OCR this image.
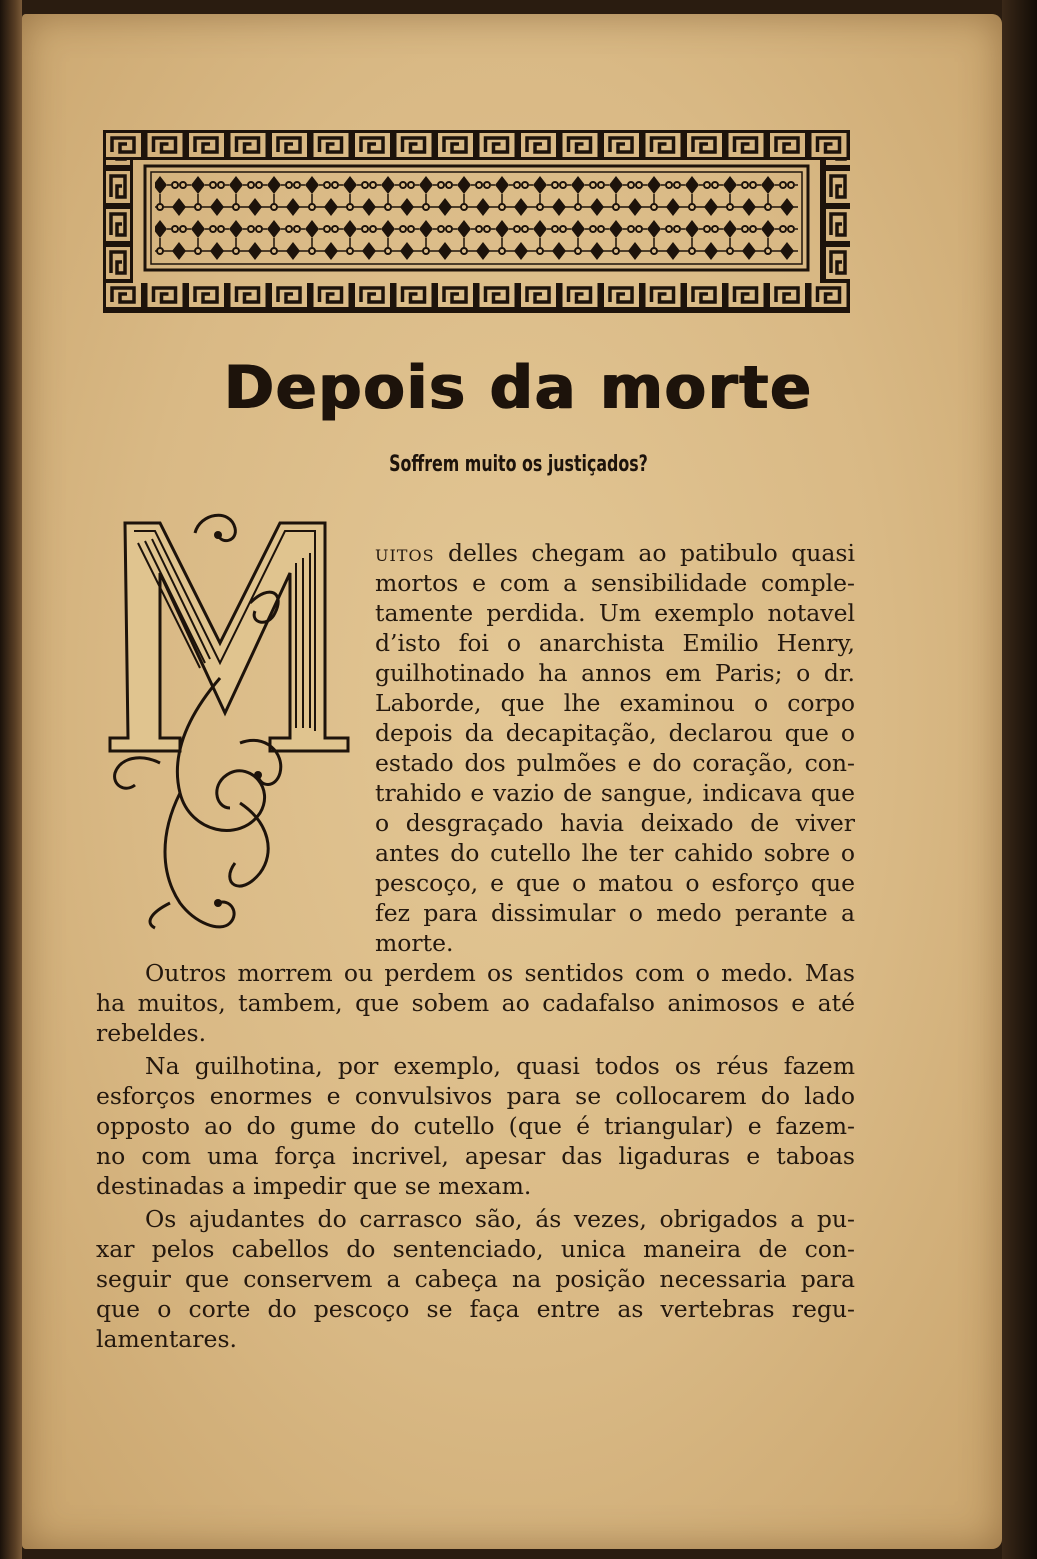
Depois da morte

Soffrem muito os justiçados?

uitos delles chegam ao patibulo quasi
mortos e com a sensibilidade comple-
tamente perdida. Um exemplo notavel
d’isto foi o anarchista Emilio Henry,
guilhotinado ha annos em Paris; o dr.
Laborde, que lhe examinou o corpo
depois da decapitação, declarou que o
estado dos pulmões e do coração, con-
trahido e vazio de sangue, indicava que
o desgraçado havia deixado de viver
antes do cutello lhe ter cahido sobre o
pescoço, e que o matou o esforço que
fez para dissimular o medo perante a
morte.
Outros morrem ou perdem os sentidos com o medo. Mas
ha muitos, tambem, que sobem ao cadafalso animosos e até
rebeldes.
Na guilhotina, por exemplo, quasi todos os réus fazem
esforços enormes e convulsivos para se collocarem do lado
opposto ao do gume do cutello (que é triangular) e fazem-
no com uma força incrivel, apesar das ligaduras e taboas
destinadas a impedir que se mexam.
Os ajudantes do carrasco são, ás vezes, obrigados a pu-
xar pelos cabellos do sentenciado, unica maneira de con-
seguir que conservem a cabeça na posição necessaria para
que o corte do pescoço se faça entre as vertebras regu-
lamentares.
